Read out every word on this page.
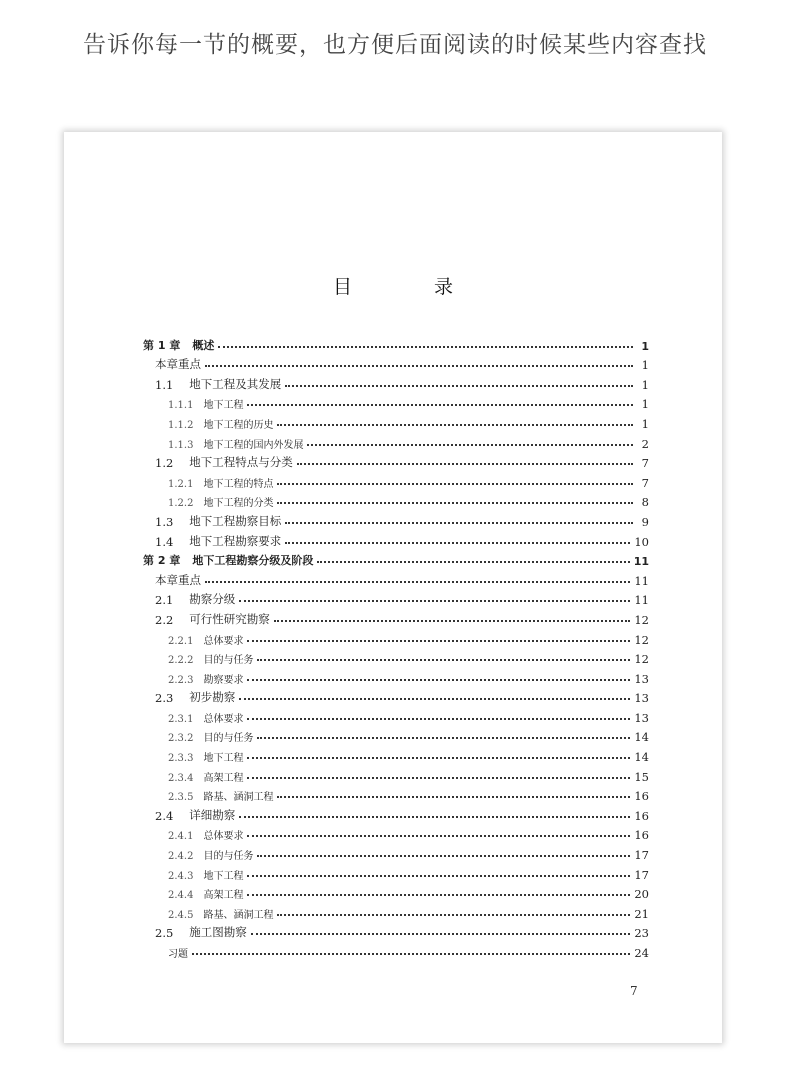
告诉你每一节的概要，也方便后面阅读的时候某些内容查找
目 录
第 1 章 概述	1
本章重点	1
1.1 地下工程及其发展	1
1.1.1 地下工程	1
1.1.2 地下工程的历史	1
1.1.3 地下工程的国内外发展	2
1.2 地下工程特点与分类	7
1.2.1 地下工程的特点	7
1.2.2 地下工程的分类	8
1.3 地下工程勘察目标	9
1.4 地下工程勘察要求	10
第 2 章 地下工程勘察分级及阶段	11
本章重点	11
2.1 勘察分级	11
2.2 可行性研究勘察	12
2.2.1 总体要求	12
2.2.2 目的与任务	12
2.2.3 勘察要求	13
2.3 初步勘察	13
2.3.1 总体要求	13
2.3.2 目的与任务	14
2.3.3 地下工程	14
2.3.4 高架工程	15
2.3.5 路基、涵洞工程	16
2.4 详细勘察	16
2.4.1 总体要求	16
2.4.2 目的与任务	17
2.4.3 地下工程	17
2.4.4 高架工程	20
2.4.5 路基、涵洞工程	21
2.5 施工图勘察	23
习题	24
7
